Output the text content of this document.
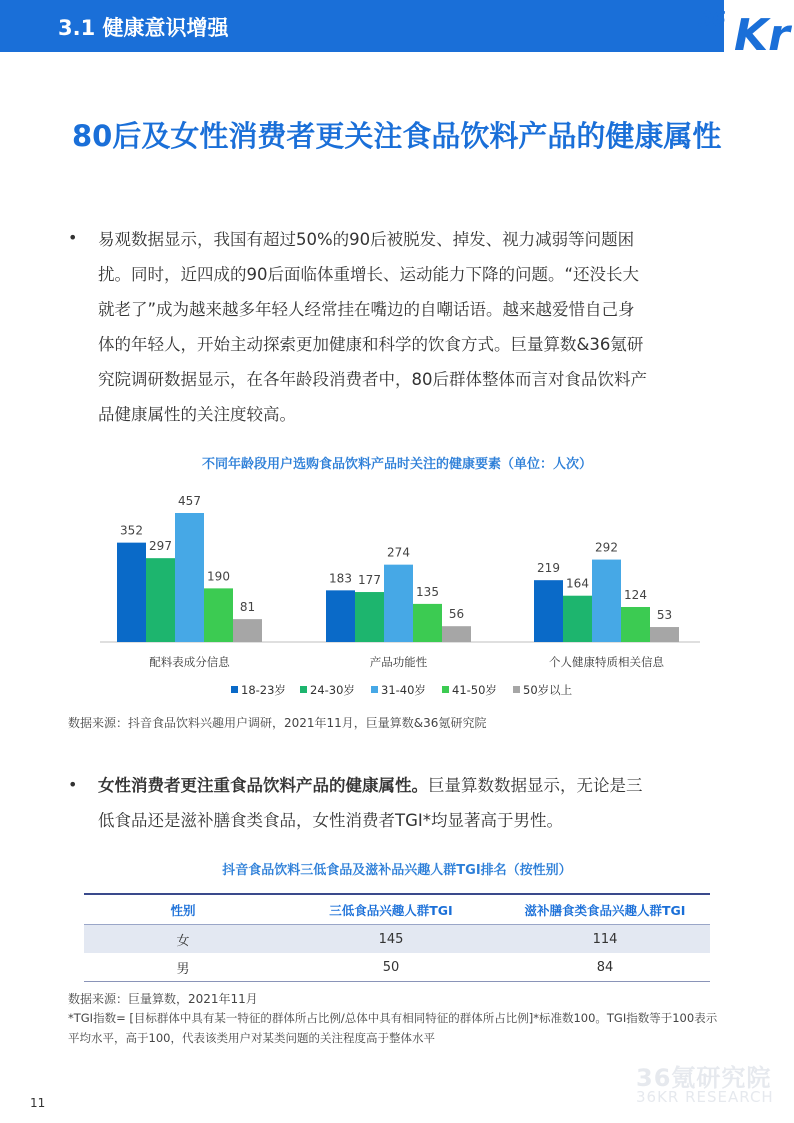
3.1 健康意识增强	36 Kr
80后及女性消费者更关注食品饮料产品的健康属性
• 易观数据显示，我国有超过50%的90后被脱发、掉发、视力减弱等问题困
扰。同时，近四成的90后面临体重增长、运动能力下降的问题。“还没长大
就老了”成为越来越多年轻人经常挂在嘴边的自嘲话语。越来越爱惜自己身
体的年轻人，开始主动探索更加健康和科学的饮食方式。巨量算数&36氪研
究院调研数据显示，在各年龄段消费者中，80后群体整体而言对食品饮料产
品健康属性的关注度较高。
不同年龄段用户选购食品饮料产品时关注的健康要素（单位：人次）
352
297
457
190
81
配料表成分信息
183 177
274
135
56
产品功能性
219
164
292
124
53
个人健康特质相关信息
18-23岁 24-30岁 31-40岁 41-50岁 50岁以上
数据来源：抖音食品饮料兴趣用户调研，2021年11月，巨量算数&36氪研究院
• 女性消费者更注重食品饮料产品的健康属性。巨量算数数据显示，无论是三
低食品还是滋补膳食类食品，女性消费者TGI*均显著高于男性。
抖音食品饮料三低食品及滋补品兴趣人群TGI排名（按性别）
性别	三低食品兴趣人群TGI	滋补膳食类食品兴趣人群TGI
女	145	114
男	50	84
数据来源：巨量算数，2021年11月
*TGI指数= [目标群体中具有某一特征的群体所占比例/总体中具有相同特征的群体所占比例]*标准数100。TGI指数等于100表示平均水平，高于100，代表该类用户对某类问题的关注程度高于整体水平
11
36氪研究院
36KR RESEARCH
